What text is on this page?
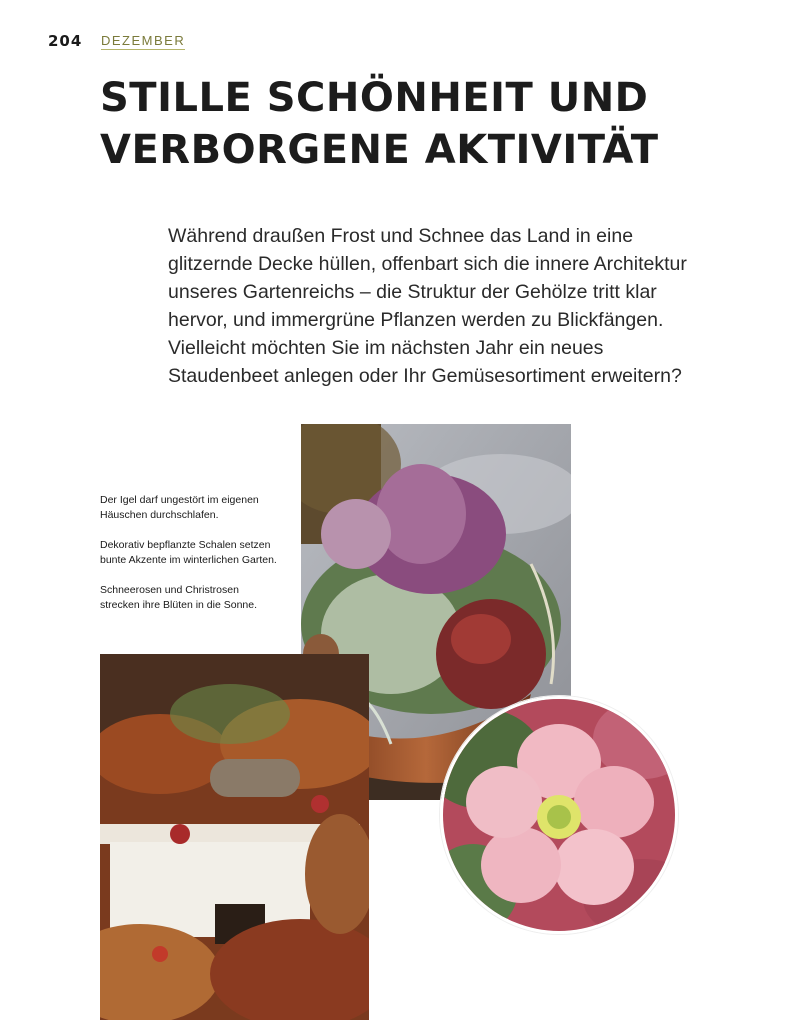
204 DEZEMBER
STILLE SCHÖNHEIT UND
VERBORGENE AKTIVITÄT

Während draußen Frost und Schnee das Land in eine glitzernde Decke hüllen, offenbart sich die innere Architektur unseres Gartenreichs – die Struktur der Gehölze tritt klar hervor, und immergrüne Pflanzen werden zu Blickfängen. Vielleicht möchten Sie im nächsten Jahr ein neues Staudenbeet anlegen oder Ihr Gemüsesortiment erweitern?

Der Igel darf ungestört im eigenen Häuschen durchschlafen.

Dekorativ bepflanzte Schalen setzen bunte Akzente im winterlichen Garten.

Schneerosen und Christrosen strecken ihre Blüten in die Sonne.
